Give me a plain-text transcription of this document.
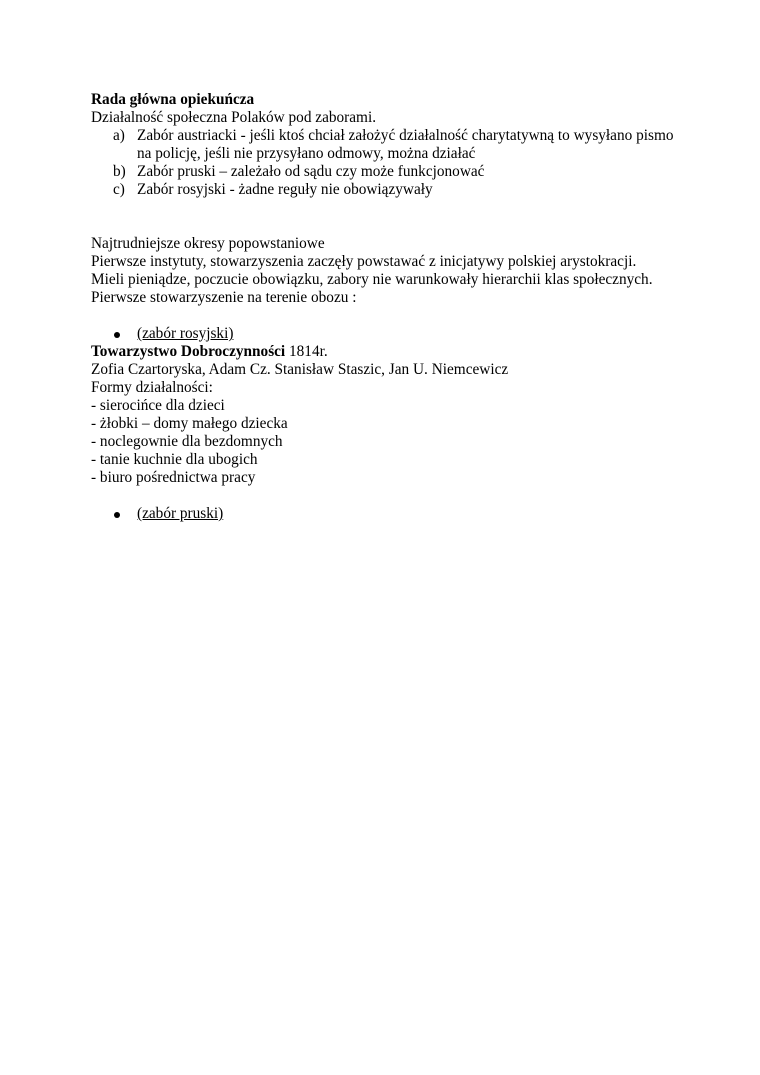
Rada główna opiekuńcza
Działalność społeczna Polaków pod zaborami.
a) Zabór austriacki - jeśli ktoś chciał założyć działalność charytatywną to wysyłano pismo na policję, jeśli nie przysyłano odmowy, można działać
b) Zabór pruski – zależało od sądu czy może funkcjonować
c) Zabór rosyjski - żadne reguły nie obowiązywały
Najtrudniejsze okresy popowstaniowe
Pierwsze instytuty, stowarzyszenia zaczęły powstawać z inicjatywy polskiej arystokracji.
Mieli pieniądze, poczucie obowiązku, zabory nie warunkowały hierarchii klas społecznych.
Pierwsze stowarzyszenie na terenie obozu :
(zabór rosyjski)
Towarzystwo Dobroczynności 1814r.
Zofia Czartoryska, Adam Cz. Stanisław Staszic, Jan U. Niemcewicz
Formy działalności:
- sierocińce dla dzieci
- żłobki – domy małego dziecka
- noclegownie dla bezdomnych
- tanie kuchnie dla ubogich
- biuro pośrednictwa pracy
(zabór pruski)
